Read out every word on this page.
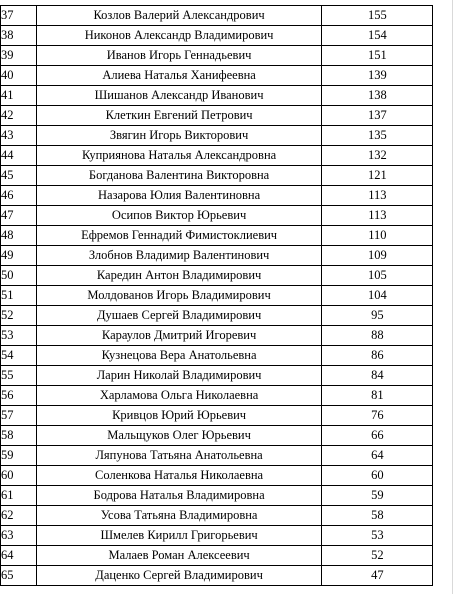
37	Козлов Валерий Александрович	155	
38	Никонов Александр Владимирович	154	
39	Иванов Игорь Геннадьевич	151	
40	Алиева Наталья Ханифеевна	139	
41	Шишанов Александр Иванович	138	
42	Клеткин Евгений Петрович	137	
43	Звягин Игорь Викторович	135	
44	Куприянова Наталья Александровна	132	
45	Богданова Валентина Викторовна	121	
46	Назарова Юлия Валентиновна	113	
47	Осипов Виктор Юрьевич	113	
48	Ефремов Геннадий Фимистоклиевич	110	
49	Злобнов Владимир Валентинович	109	
50	Каредин Антон Владимирович	105	
51	Молдованов Игорь Владимирович	104	
52	Душаев Сергей Владимирович	95	
53	Караулов Дмитрий Игоревич	88	
54	Кузнецова Вера Анатольевна	86	
55	Ларин Николай Владимирович	84	
56	Харламова Ольга Николаевна	81	
57	Кривцов Юрий Юрьевич	76	
58	Мальщуков Олег Юрьевич	66	
59	Ляпунова Татьяна Анатольевна	64	
60	Соленкова Наталья Николаевна	60	
61	Бодрова Наталья Владимировна	59	
62	Усова Татьяна Владимировна	58	
63	Шмелев Кирилл Григорьевич	53	
64	Малаев Роман Алексеевич	52	
65	Даценко Сергей Владимирович	47	
